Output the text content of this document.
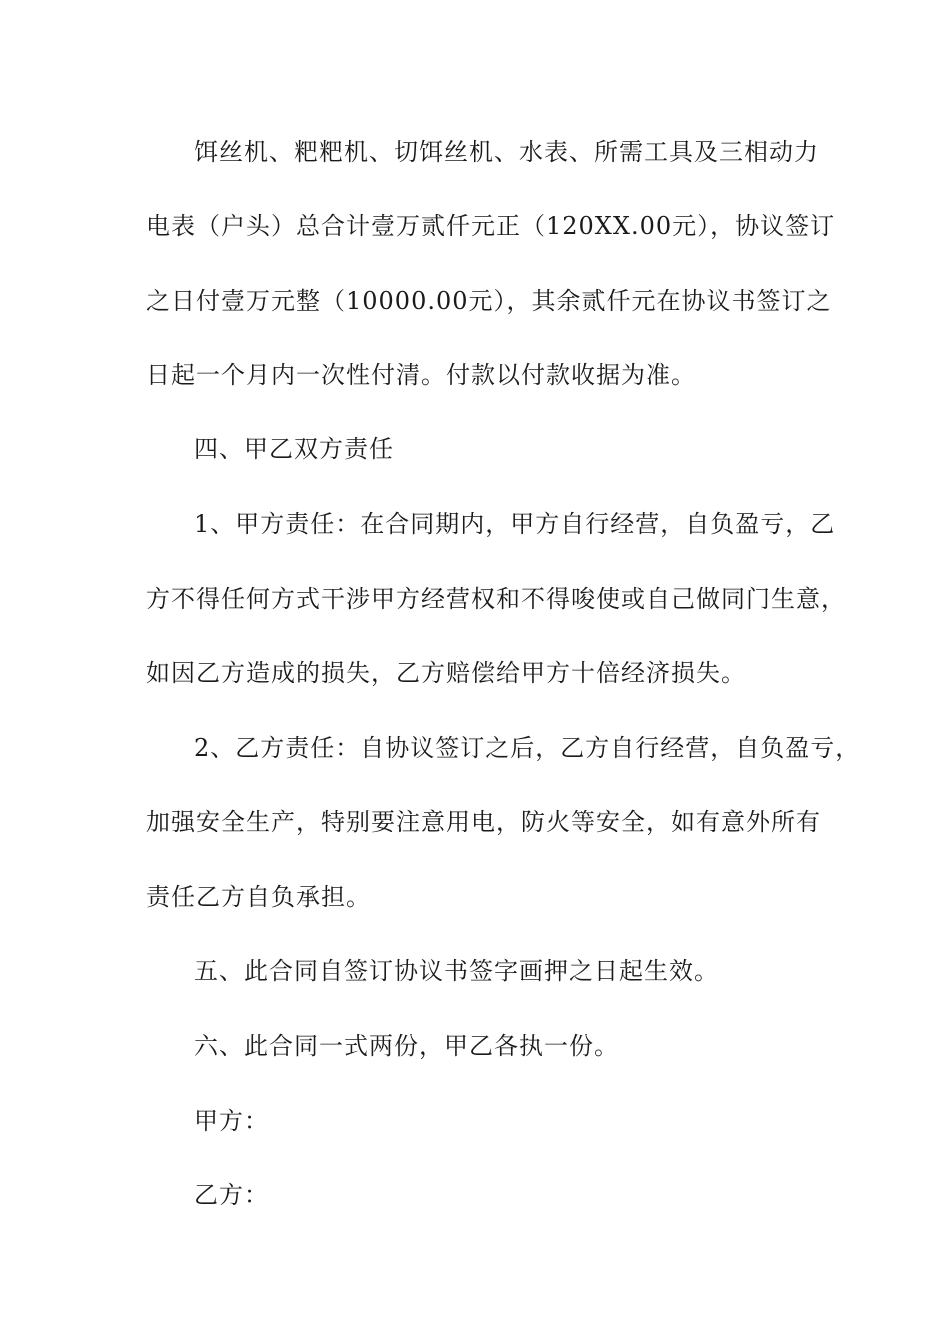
饵丝机、粑粑机、切饵丝机、水表、所需工具及三相动力
电表（户头）总合计壹万贰仟元正（120XX.00元），协议签订
之日付壹万元整（10000.00元），其余贰仟元在协议书签订之
日起一个月内一次性付清。付款以付款收据为准。
四、甲乙双方责任
1、甲方责任：在合同期内，甲方自行经营，自负盈亏，乙
方不得任何方式干涉甲方经营权和不得唆使或自己做同门生意，
如因乙方造成的损失，乙方赔偿给甲方十倍经济损失。
2、乙方责任：自协议签订之后，乙方自行经营，自负盈亏，
加强安全生产，特别要注意用电，防火等安全，如有意外所有
责任乙方自负承担。
五、此合同自签订协议书签字画押之日起生效。
六、此合同一式两份，甲乙各执一份。
甲方：
乙方：
